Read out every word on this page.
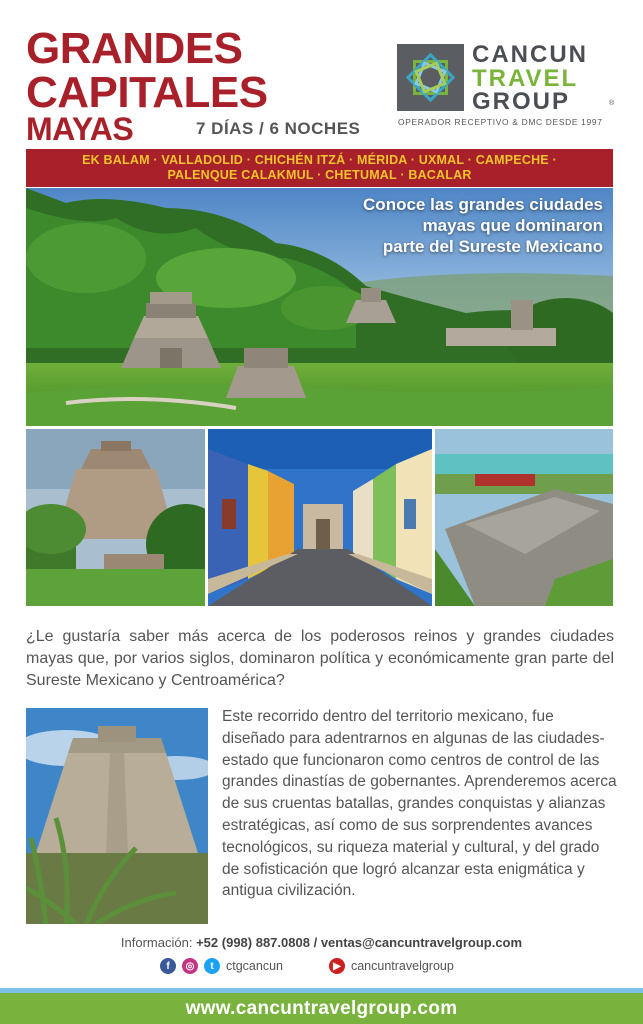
GRANDES
CAPITALES
MAYAS	7 DÍAS / 6 NOCHES
CANCUN
TRAVEL
GROUP	®
OPERADOR RECEPTIVO & DMC DESDE 1997
EK BALAM · VALLADOLID · CHICHÉN ITZÁ · MÉRIDA · UXMAL · CAMPECHE ·
PALENQUE CALAKMUL · CHETUMAL · BACALAR
Conoce las grandes ciudades
mayas que dominaron
parte del Sureste Mexicano
¿Le gustaría saber más acerca de los poderosos reinos y grandes ciudades mayas que, por varios siglos, dominaron política y económicamente gran parte del Sureste Mexicano y Centroamérica?
Este recorrido dentro del territorio mexicano, fue diseñado para adentrarnos en algunas de las ciudades-estado que funcionaron como centros de control de las grandes dinastías de gobernantes. Aprenderemos acerca de sus cruentas batallas, grandes conquistas y alianzas estratégicas, así como de sus sorprendentes avances tecnológicos, su riqueza material y cultural, y del grado de sofisticación que logró alcanzar esta enigmática y antigua civilización.
Información: +52 (998) 887.0808 / ventas@cancuntravelgroup.com
f	◎	t ctgcancun	▶ cancuntravelgroup
www.cancuntravelgroup.com
